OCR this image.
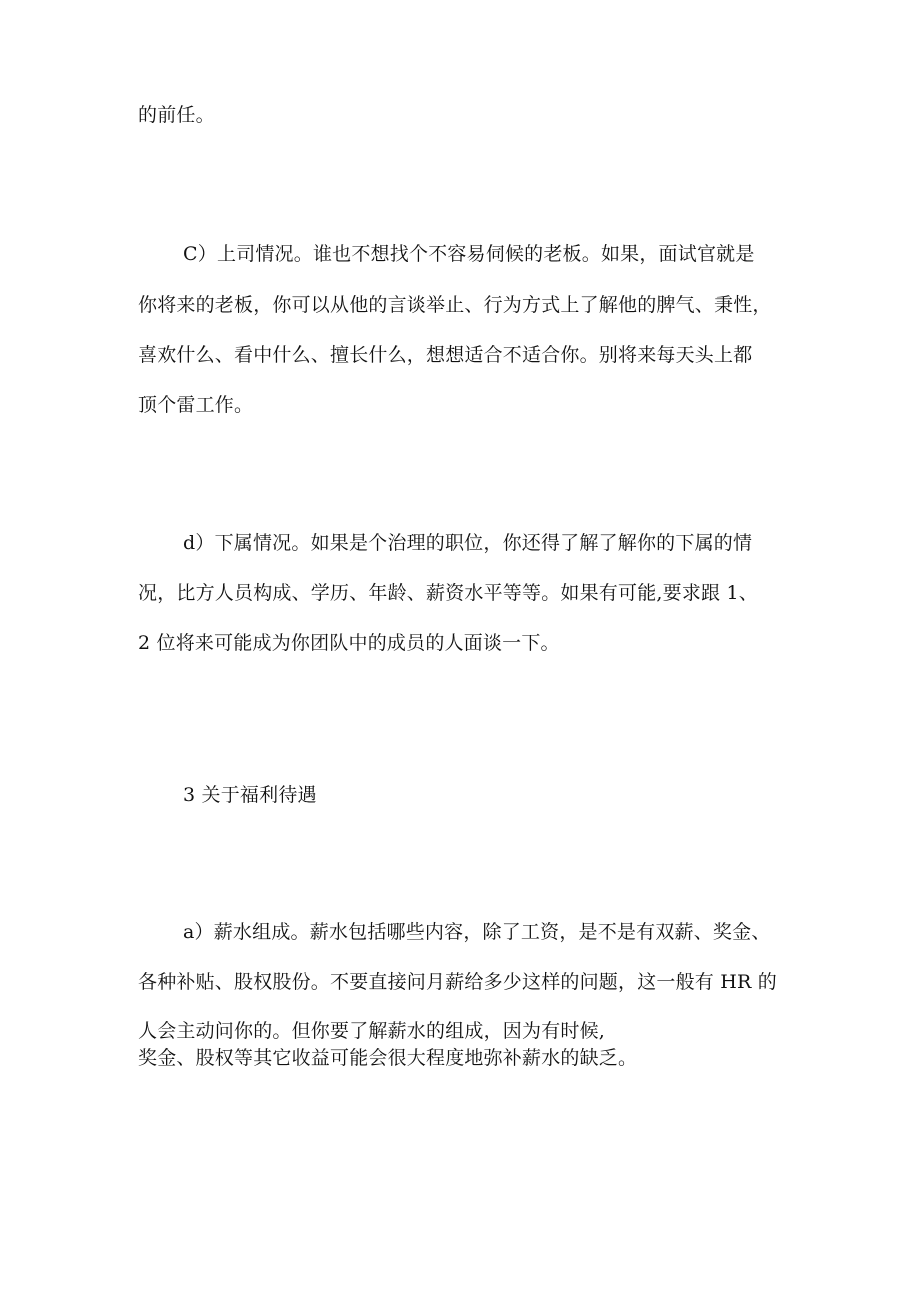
的前任。
C）上司情况。谁也不想找个不容易伺候的老板。如果，面试官就是
你将来的老板，你可以从他的言谈举止、行为方式上了解他的脾气、秉性，
喜欢什么、看中什么、擅长什么，想想适合不适合你。别将来每天头上都
顶个雷工作。
d）下属情况。如果是个治理的职位，你还得了解了解你的下属的情
况，比方人员构成、学历、年龄、薪资水平等等。如果有可能,要求跟 1、
2 位将来可能成为你团队中的成员的人面谈一下。
3 关于福利待遇
a）薪水组成。薪水包括哪些内容，除了工资，是不是有双薪、奖金、
各种补贴、股权股份。不要直接问月薪给多少这样的问题，这一般有 HR 的
人会主动问你的。但你要了解薪水的组成，因为有时候,
奖金、股权等其它收益可能会很大程度地弥补薪水的缺乏。
